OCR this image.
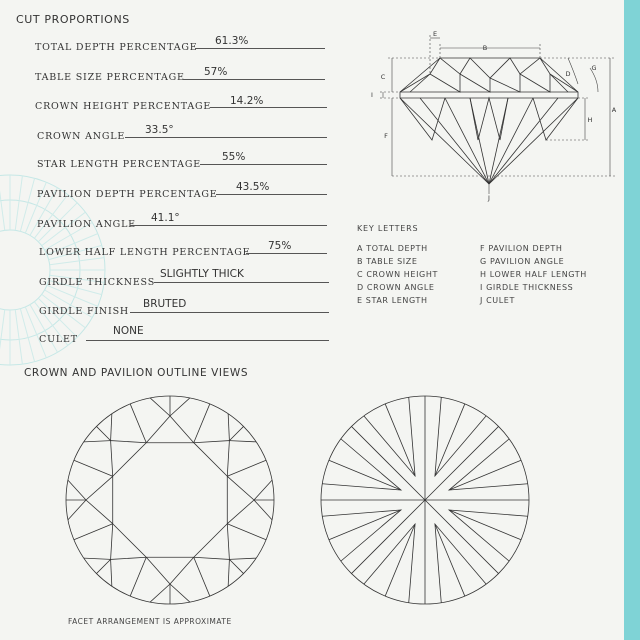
CUT PROPORTIONS
TOTAL DEPTH PERCENTAGE
61.3%
TABLE SIZE PERCENTAGE 57%
CROWN HEIGHT PERCENTAGE 14.2%
CROWN ANGLE
33.5°
STAR LENGTH PERCENTAGE
55%
PAVILION DEPTH PERCENTAGE
43.5%
PAVILION ANGLE
41.1°
LOWER HALF LENGTH PERCENTAGE
75%
GIRDLE THICKNESS
SLIGHTLY THICK
GIRDLE FINISH
BRUTED
CULET
NONE
B
E
C
I
F
D
G
A
H
J
KEY LETTERS
A TOTAL DEPTH
B TABLE SIZE
C CROWN HEIGHT
D CROWN ANGLE
E STAR LENGTH
F PAVILION DEPTH
G PAVILION ANGLE
H LOWER HALF LENGTH
I GIRDLE THICKNESS
J CULET
CROWN AND PAVILION OUTLINE VIEWS
FACET ARRANGEMENT IS APPROXIMATE
